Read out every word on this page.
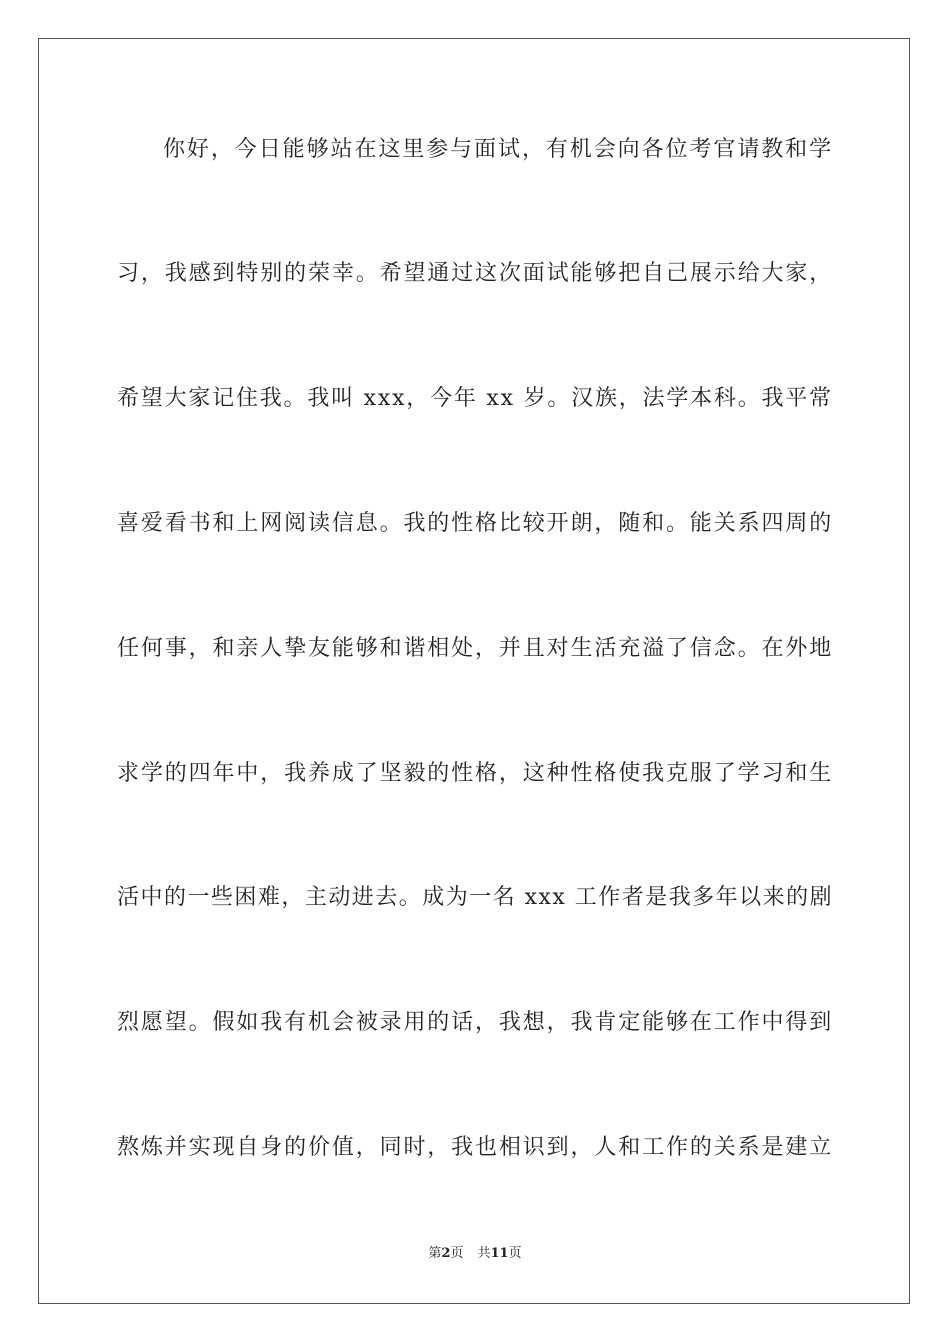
你好，今日能够站在这里参与面试，有机会向各位考官请教和学
习，我感到特别的荣幸。希望通过这次面试能够把自己展示给大家，
希望大家记住我。我叫 xxx，今年 xx 岁。汉族，法学本科。我平常
喜爱看书和上网阅读信息。我的性格比较开朗，随和。能关系四周的
任何事，和亲人挚友能够和谐相处，并且对生活充溢了信念。在外地
求学的四年中，我养成了坚毅的性格，这种性格使我克服了学习和生
活中的一些困难，主动进去。成为一名 xxx 工作者是我多年以来的剧
烈愿望。假如我有机会被录用的话，我想，我肯定能够在工作中得到
熬炼并实现自身的价值，同时，我也相识到，人和工作的关系是建立
第2页 共11页
